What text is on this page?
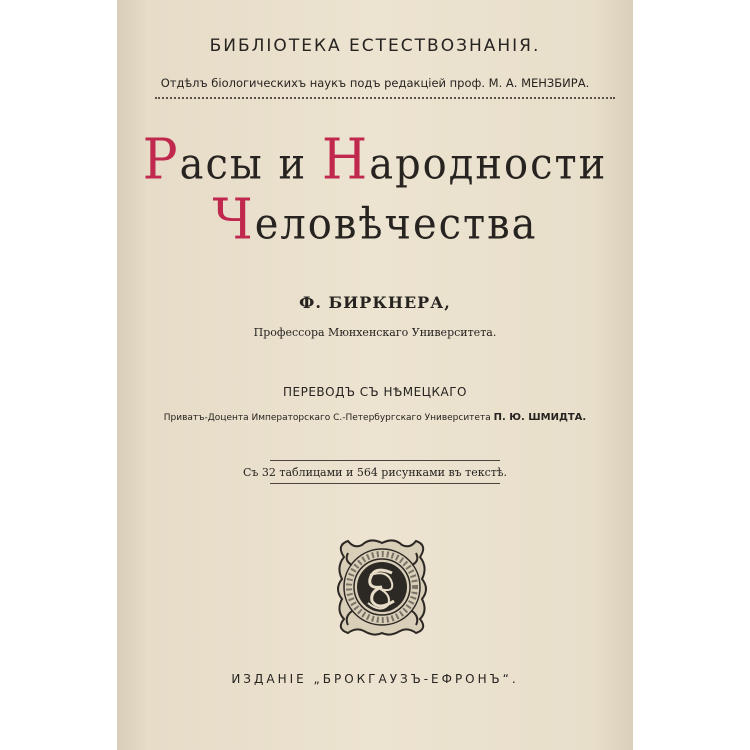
БИБЛIОТЕКА ЕСТЕСТВОЗНАНIЯ.
Отдѣлъ бiологическихъ наукъ подъ редакцiей проф. М. А. МЕНЗБИРА.
Расы и Народности
Человѣчества
Ф. БИРКНЕРА,
Профессора Мюнхенскаго Университета.
ПЕРЕВОДЪ СЪ НѢМЕЦКАГО
Приватъ-Доцента Императорскаго С.-Петербургскаго Университета П. Ю. ШМИДТА.
Съ 32 таблицами и 564 рисунками въ текстѣ.
ИЗДАНIЕ „БРОКГАУЗЪ-ЕФРОНЪ“.
